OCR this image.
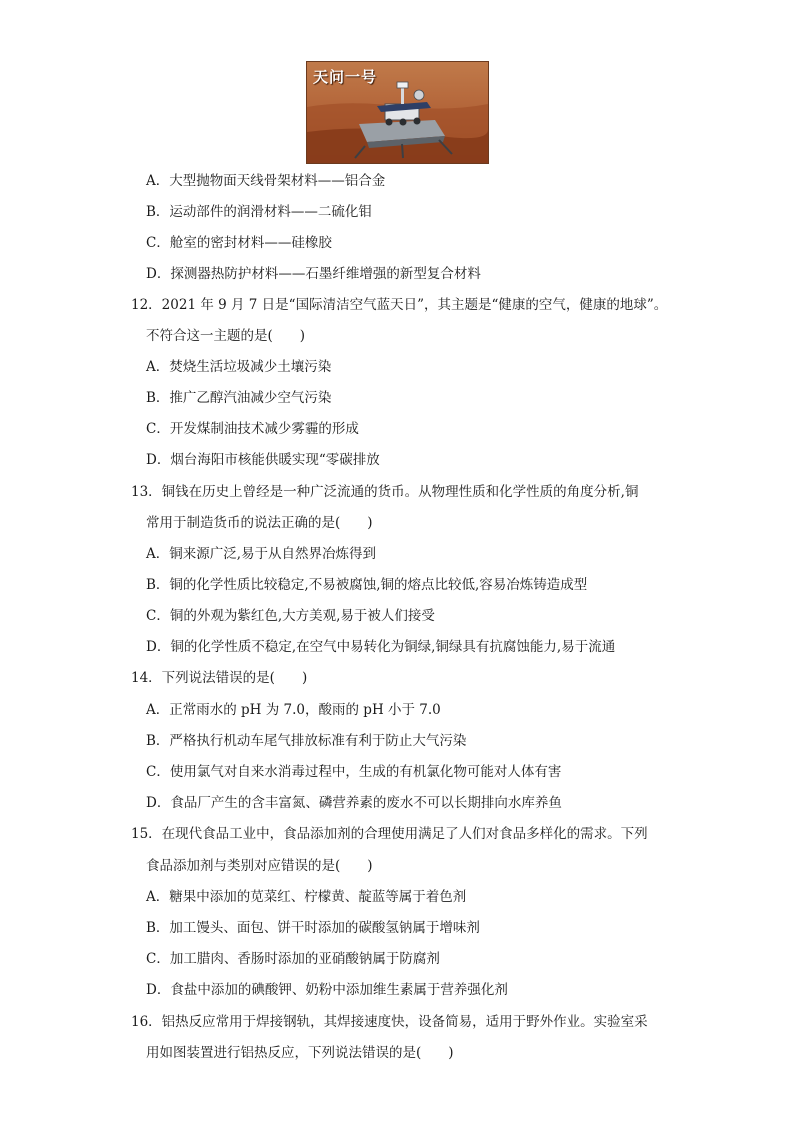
天问一号
A．大型抛物面天线骨架材料——铝合金
B．运动部件的润滑材料——二硫化钼
C．舱室的密封材料——硅橡胶
D．探测器热防护材料——石墨纤维增强的新型复合材料
12．2021 年 9 月 7 日是“国际清洁空气蓝天日”，其主题是“健康的空气，健康的地球”。
不符合这一主题的是(　　)
A．焚烧生活垃圾减少土壤污染
B．推广乙醇汽油减少空气污染
C．开发煤制油技术减少雾霾的形成
D．烟台海阳市核能供暖实现“零碳排放
13．铜钱在历史上曾经是一种广泛流通的货币。从物理性质和化学性质的角度分析,铜
常用于制造货币的说法正确的是(　　)
A．铜来源广泛,易于从自然界冶炼得到
B．铜的化学性质比较稳定,不易被腐蚀,铜的熔点比较低,容易冶炼铸造成型
C．铜的外观为紫红色,大方美观,易于被人们接受
D．铜的化学性质不稳定,在空气中易转化为铜绿,铜绿具有抗腐蚀能力,易于流通
14．下列说法错误的是(　　)
A．正常雨水的 pH 为 7.0，酸雨的 pH 小于 7.0
B．严格执行机动车尾气排放标准有利于防止大气污染
C．使用氯气对自来水消毒过程中，生成的有机氯化物可能对人体有害
D．食品厂产生的含丰富氮、磷营养素的废水不可以长期排向水库养鱼
15．在现代食品工业中，食品添加剂的合理使用满足了人们对食品多样化的需求。下列
食品添加剂与类别对应错误的是(　　)
A．糖果中添加的苋菜红、柠檬黄、靛蓝等属于着色剂
B．加工馒头、面包、饼干时添加的碳酸氢钠属于增味剂
C．加工腊肉、香肠时添加的亚硝酸钠属于防腐剂
D．食盐中添加的碘酸钾、奶粉中添加维生素属于营养强化剂
16．铝热反应常用于焊接钢轨，其焊接速度快，设备简易，适用于野外作业。实验室采
用如图装置进行铝热反应，下列说法错误的是(　　)
